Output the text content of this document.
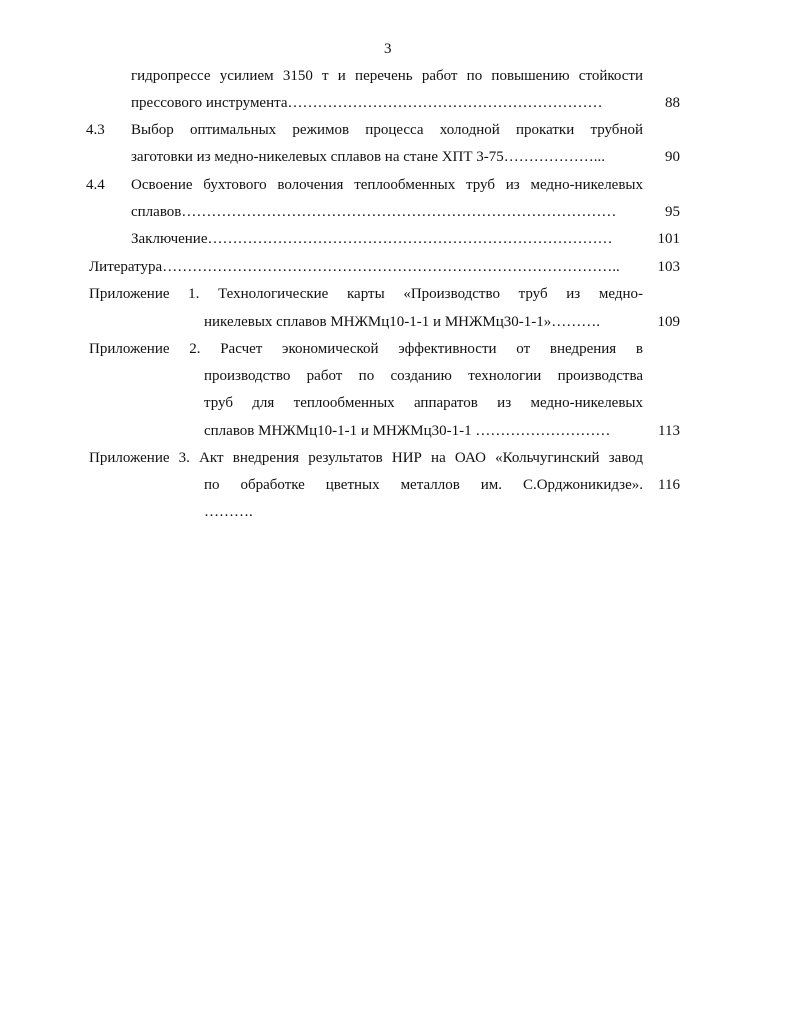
3
гидропрессе усилием 3150 т и перечень работ по повышению стойкости
прессового инструмента………………………………………………………	88
4.3 Выбор оптимальных режимов процесса холодной прокатки трубной
заготовки из медно-никелевых сплавов на стане ХПТ 3-75………………...	90
4.4 Освоение бухтового волочения теплообменных труб из медно-никелевых
сплавов……………………………………………………………………………	95
Заключение………………………………………………………………………	101
Литература………………………………………………………………………………..	103
Приложение 1. Технологические карты «Производство труб из медно-
никелевых сплавов МНЖМц10-1-1 и МНЖМц30-1-1»……….	109
Приложение 2. Расчет экономической эффективности от внедрения в
производство работ по созданию технологии производства
труб для теплообменных аппаратов из медно-никелевых
сплавов МНЖМц10-1-1 и МНЖМц30-1-1 ………………………	113
Приложение 3. Акт внедрения результатов НИР на ОАО «Кольчугинский завод
по обработке цветных металлов им. С.Орджоникидзе».	116
……….
